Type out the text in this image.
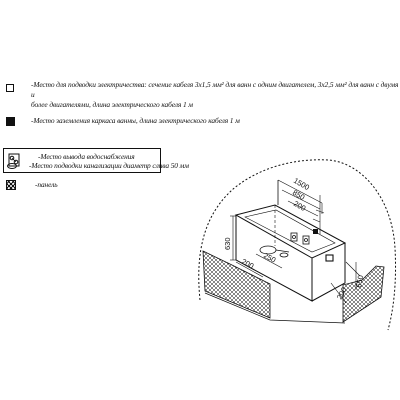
-Место для подводки электричества: сечение кабеля 3х1,5 мм² для ванн с одним двигателем, 3х2,5 мм² для ванн с двумя и
более двигателями, длина электрического кабеля 1 м
-Место заземления каркаса ванны, длина электрического кабеля 1 м
-Место вывода водоснабжения
-Место подводки канализации диаметр слива 50 мм
-панель	1500
850
200
630
200 250
200
650
